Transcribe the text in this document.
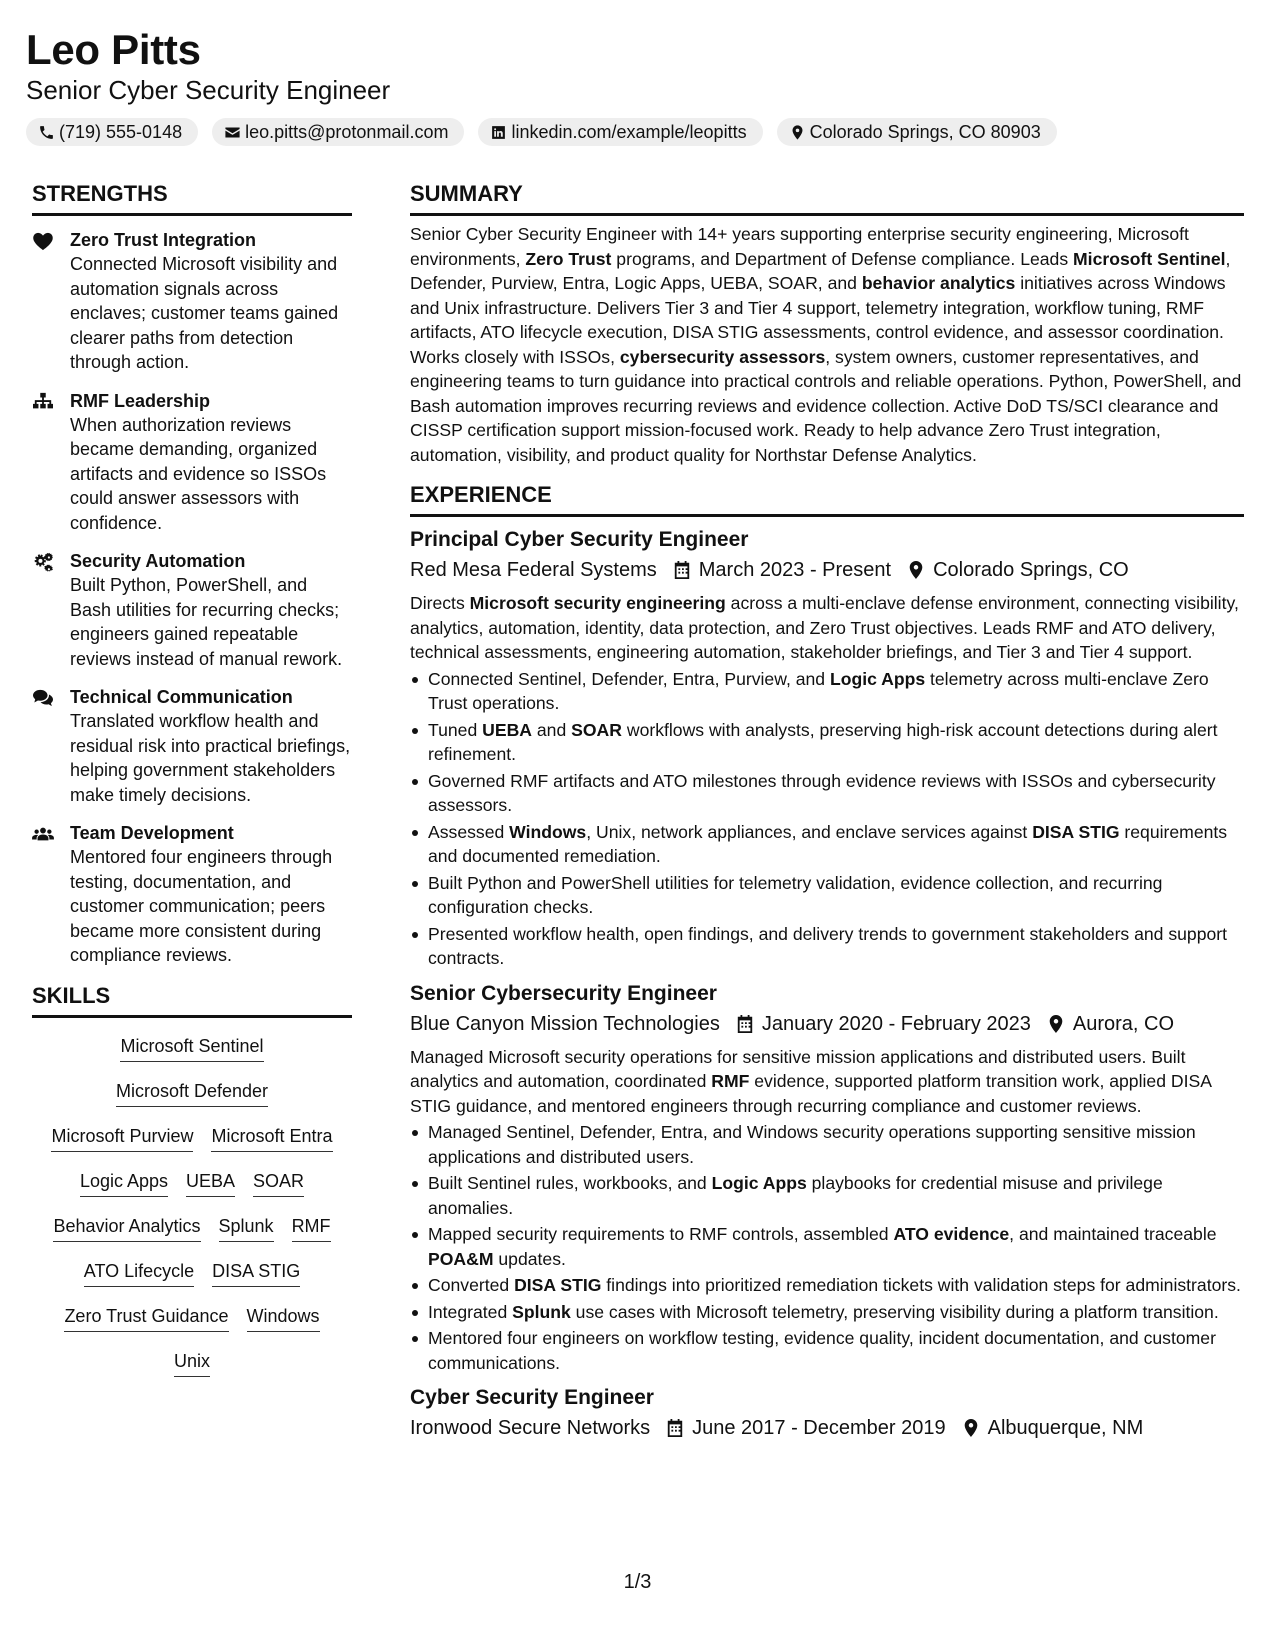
Leo Pitts
Senior Cyber Security Engineer
(719) 555-0148	leo.pitts@protonmail.com	linkedin.com/example/leopitts	Colorado Springs, CO 80903
STRENGTHS
Zero Trust Integration
Connected Microsoft visibility and automation signals across enclaves; customer teams gained clearer paths from detection through action.
RMF Leadership
When authorization reviews became demanding, organized artifacts and evidence so ISSOs could answer assessors with confidence.
Security Automation
Built Python, PowerShell, and Bash utilities for recurring checks; engineers gained repeatable reviews instead of manual rework.
Technical Communication
Translated workflow health and residual risk into practical briefings, helping government stakeholders make timely decisions.
Team Development
Mentored four engineers through testing, documentation, and customer communication; peers became more consistent during compliance reviews.
SKILLS
Microsoft Sentinel
Microsoft Defender
Microsoft Purview Microsoft Entra
Logic Apps UEBA SOAR
Behavior Analytics Splunk RMF
ATO Lifecycle DISA STIG
Zero Trust Guidance Windows
Unix
SUMMARY
Senior Cyber Security Engineer with 14+ years supporting enterprise security engineering, Microsoft environments, Zero Trust programs, and Department of Defense compliance. Leads Microsoft Sentinel, Defender, Purview, Entra, Logic Apps, UEBA, SOAR, and behavior analytics initiatives across Windows and Unix infrastructure. Delivers Tier 3 and Tier 4 support, telemetry integration, workflow tuning, RMF artifacts, ATO lifecycle execution, DISA STIG assessments, control evidence, and assessor coordination. Works closely with ISSOs, cybersecurity assessors, system owners, customer representatives, and engineering teams to turn guidance into practical controls and reliable operations. Python, PowerShell, and Bash automation improves recurring reviews and evidence collection. Active DoD TS/SCI clearance and CISSP certification support mission-focused work. Ready to help advance Zero Trust integration, automation, visibility, and product quality for Northstar Defense Analytics.
EXPERIENCE
Principal Cyber Security Engineer
Red Mesa Federal Systems March 2023 - Present Colorado Springs, CO
Directs Microsoft security engineering across a multi-enclave defense environment, connecting visibility, analytics, automation, identity, data protection, and Zero Trust objectives. Leads RMF and ATO delivery, technical assessments, engineering automation, stakeholder briefings, and Tier 3 and Tier 4 support.
Connected Sentinel, Defender, Entra, Purview, and Logic Apps telemetry across multi-enclave Zero Trust operations.
Tuned UEBA and SOAR workflows with analysts, preserving high-risk account detections during alert refinement.
Governed RMF artifacts and ATO milestones through evidence reviews with ISSOs and cybersecurity assessors.
Assessed Windows, Unix, network appliances, and enclave services against DISA STIG requirements and documented remediation.
Built Python and PowerShell utilities for telemetry validation, evidence collection, and recurring configuration checks.
Presented workflow health, open findings, and delivery trends to government stakeholders and support contracts.
Senior Cybersecurity Engineer
Blue Canyon Mission Technologies January 2020 - February 2023 Aurora, CO
Managed Microsoft security operations for sensitive mission applications and distributed users. Built analytics and automation, coordinated RMF evidence, supported platform transition work, applied DISA STIG guidance, and mentored engineers through recurring compliance and customer reviews.
Managed Sentinel, Defender, Entra, and Windows security operations supporting sensitive mission applications and distributed users.
Built Sentinel rules, workbooks, and Logic Apps playbooks for credential misuse and privilege anomalies.
Mapped security requirements to RMF controls, assembled ATO evidence, and maintained traceable POA&M updates.
Converted DISA STIG findings into prioritized remediation tickets with validation steps for administrators.
Integrated Splunk use cases with Microsoft telemetry, preserving visibility during a platform transition.
Mentored four engineers on workflow testing, evidence quality, incident documentation, and customer communications.
Cyber Security Engineer
Ironwood Secure Networks June 2017 - December 2019 Albuquerque, NM
1/3
